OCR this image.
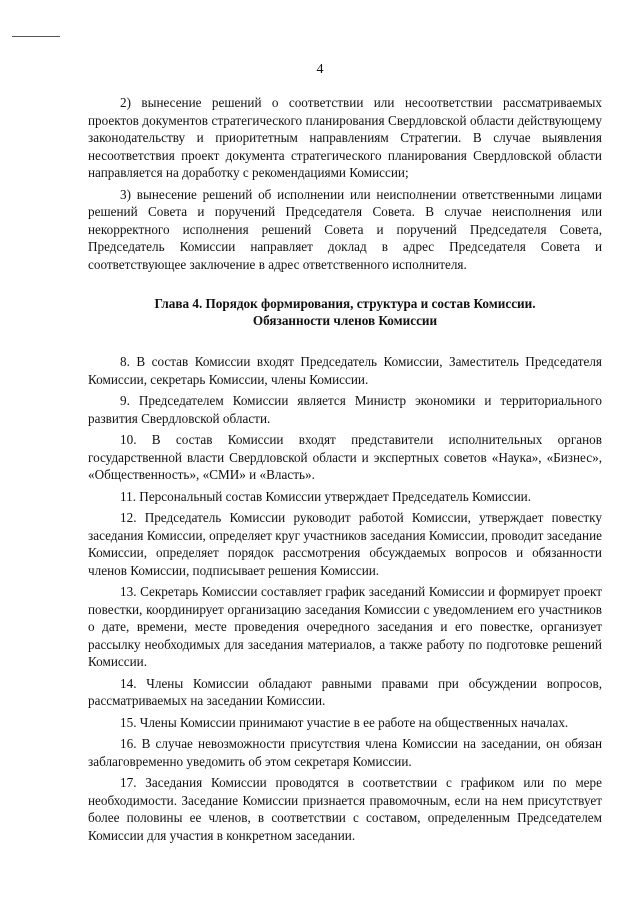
4

2) вынесение решений о соответствии или несоответствии рассматриваемых проектов документов стратегического планирования Свердловской области действующему законодательству и приоритетным направлениям Стратегии. В случае выявления несоответствия проект документа стратегического планирования Свердловской области направляется на доработку с рекомендациями Комиссии;

3) вынесение решений об исполнении или неисполнении ответственными лицами решений Совета и поручений Председателя Совета. В случае неисполнения или некорректного исполнения решений Совета и поручений Председателя Совета, Председатель Комиссии направляет доклад в адрес Председателя Совета и соответствующее заключение в адрес ответственного исполнителя.

Глава 4. Порядок формирования, структура и состав Комиссии.
Обязанности членов Комиссии

8. В состав Комиссии входят Председатель Комиссии, Заместитель Председателя Комиссии, секретарь Комиссии, члены Комиссии.

9. Председателем Комиссии является Министр экономики и территориального развития Свердловской области.

10. В состав Комиссии входят представители исполнительных органов государственной власти Свердловской области и экспертных советов «Наука», «Бизнес», «Общественность», «СМИ» и «Власть».

11. Персональный состав Комиссии утверждает Председатель Комиссии.

12. Председатель Комиссии руководит работой Комиссии, утверждает повестку заседания Комиссии, определяет круг участников заседания Комиссии, проводит заседание Комиссии, определяет порядок рассмотрения обсуждаемых вопросов и обязанности членов Комиссии, подписывает решения Комиссии.

13. Секретарь Комиссии составляет график заседаний Комиссии и формирует проект повестки, координирует организацию заседания Комиссии с уведомлением его участников о дате, времени, месте проведения очередного заседания и его повестке, организует рассылку необходимых для заседания материалов, а также работу по подготовке решений Комиссии.

14. Члены Комиссии обладают равными правами при обсуждении вопросов, рассматриваемых на заседании Комиссии.

15. Члены Комиссии принимают участие в ее работе на общественных началах.

16. В случае невозможности присутствия члена Комиссии на заседании, он обязан заблаговременно уведомить об этом секретаря Комиссии.

17. Заседания Комиссии проводятся в соответствии с графиком или по мере необходимости. Заседание Комиссии признается правомочным, если на нем присутствует более половины ее членов, в соответствии с составом, определенным Председателем Комиссии для участия в конкретном заседании.
